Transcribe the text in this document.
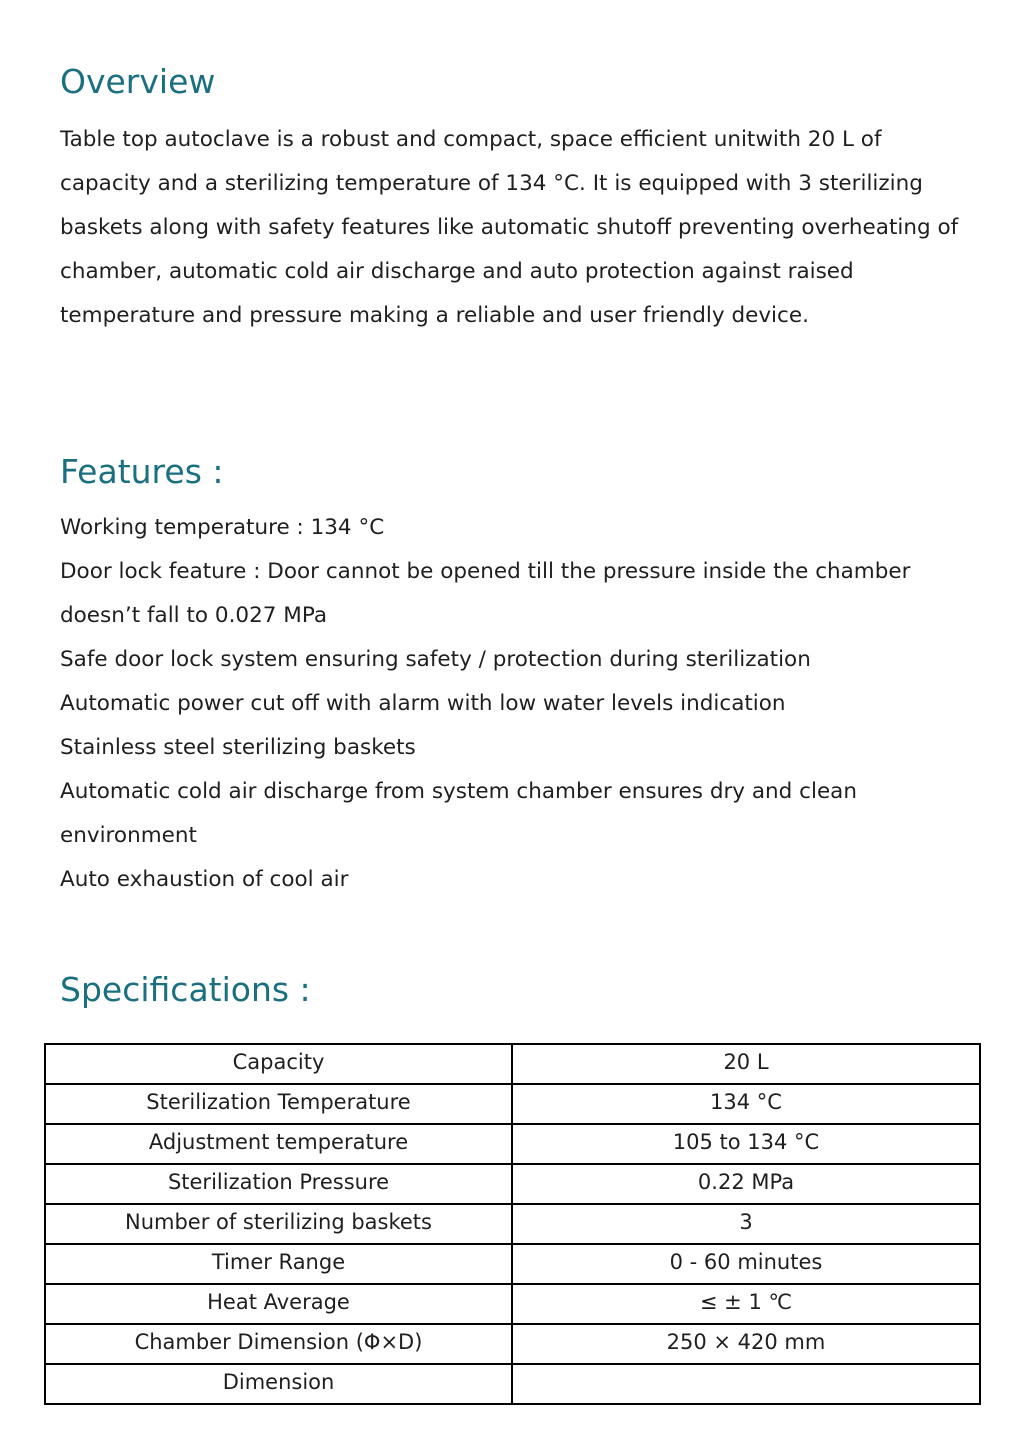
Overview

Table top autoclave is a robust and compact, space efficient unitwith 20 L of capacity and a sterilizing temperature of 134 °C. It is equipped with 3 sterilizing baskets along with safety features like automatic shutoff preventing overheating of chamber, automatic cold air discharge and auto protection against raised temperature and pressure making a reliable and user friendly device.

Features :
Working temperature : 134 °C
Door lock feature : Door cannot be opened till the pressure inside the chamber doesn’t fall to 0.027 MPa
Safe door lock system ensuring safety / protection during sterilization
Automatic power cut off with alarm with low water levels indication
Stainless steel sterilizing baskets
Automatic cold air discharge from system chamber ensures dry and clean environment
Auto exhaustion of cool air
Specifications :
Capacity	20 L
Sterilization Temperature	134 °C
Adjustment temperature	105 to 134 °C
Sterilization Pressure	0.22 MPa
Number of sterilizing baskets	3
Timer Range	0 - 60 minutes
Heat Average	≤ ± 1 ℃
Chamber Dimension (Φ×D)	250 × 420 mm
Dimension	
